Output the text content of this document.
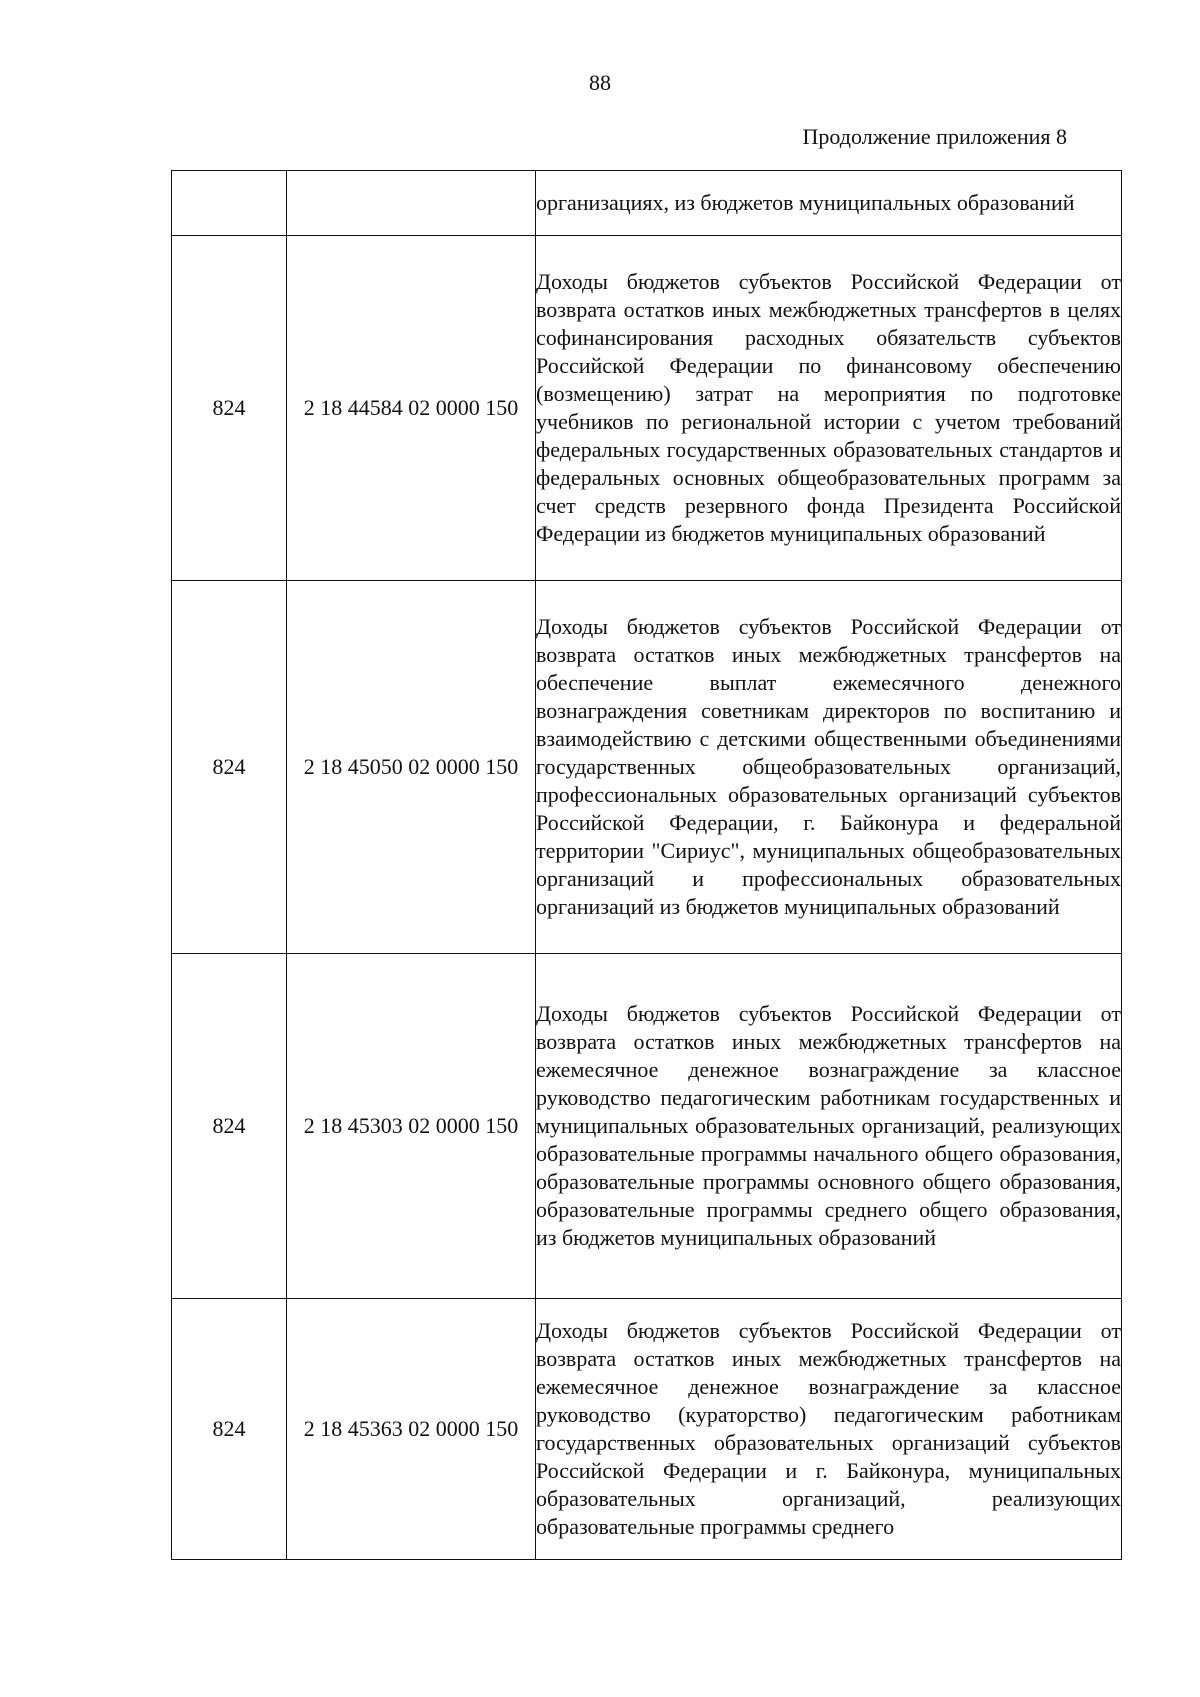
88
Продолжение приложения 8
		организациях, из бюджетов муниципальных образований
824	2 18 44584 02 0000 150	Доходы бюджетов субъектов Российской Федерации от возврата остатков иных межбюджетных трансфертов в целях софинансирования расходных обязательств субъектов Российской Федерации по финансовому обеспечению (возмещению) затрат на мероприятия по подготовке учебников по региональной истории с учетом требований федеральных государственных образовательных стандартов и федеральных основных общеобразовательных программ за счет средств резервного фонда Президента Российской Федерации из бюджетов муниципальных образований
824	2 18 45050 02 0000 150	Доходы бюджетов субъектов Российской Федерации от возврата остатков иных межбюджетных трансфертов на обеспечение выплат ежемесячного денежного вознаграждения советникам директоров по воспитанию и взаимодействию с детскими общественными объединениями государственных общеобразовательных организаций, профессиональных образовательных организаций субъектов Российской Федерации, г. Байконура и федеральной территории "Сириус", муниципальных общеобразовательных организаций и профессиональных образовательных организаций из бюджетов муниципальных образований
824	2 18 45303 02 0000 150	Доходы бюджетов субъектов Российской Федерации от возврата остатков иных межбюджетных трансфертов на ежемесячное денежное вознаграждение за классное руководство педагогическим работникам государственных и муниципальных образовательных организаций, реализующих образовательные программы начального общего образования, образовательные программы основного общего образования, образовательные программы среднего общего образования, из бюджетов муниципальных образований
824	2 18 45363 02 0000 150	Доходы бюджетов субъектов Российской Федерации от возврата остатков иных межбюджетных трансфертов на ежемесячное денежное вознаграждение за классное руководство (кураторство) педагогическим работникам государственных образовательных организаций субъектов Российской Федерации и г. Байконура, муниципальных образовательных организаций, реализующих образовательные программы среднего
